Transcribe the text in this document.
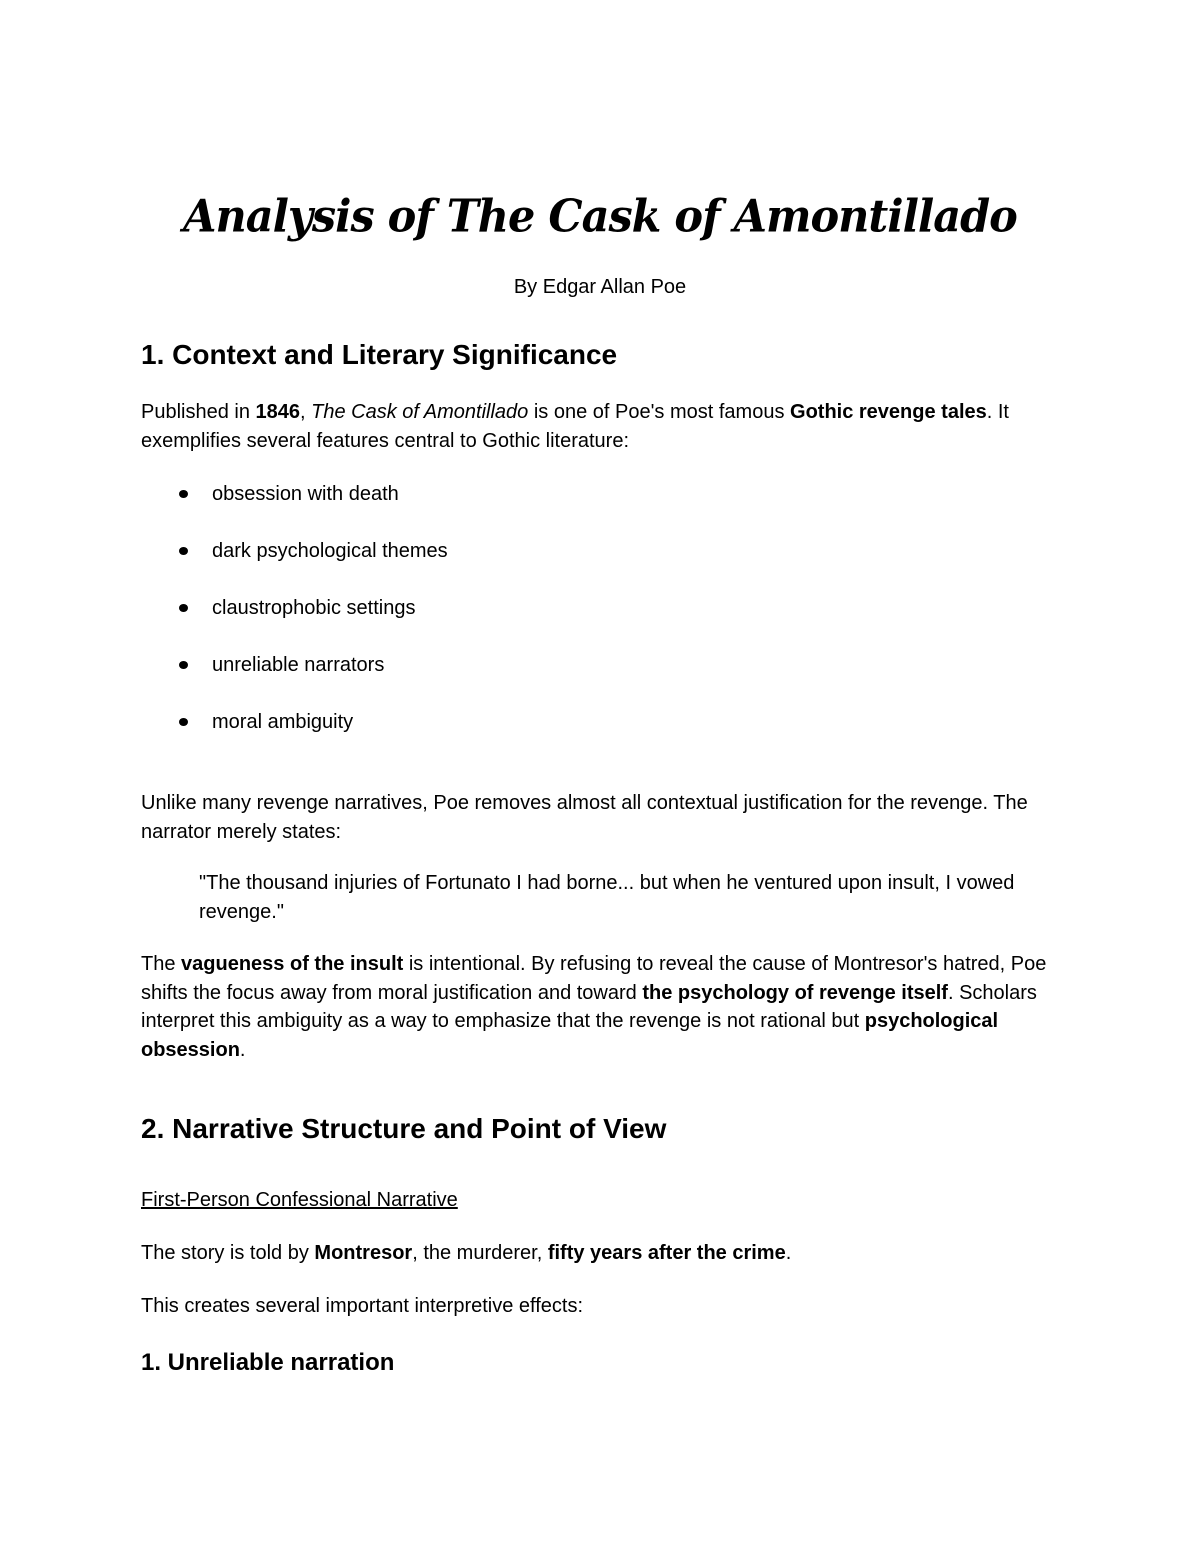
Analysis of The Cask of Amontillado

By Edgar Allan Poe

1. Context and Literary Significance

Published in 1846, The Cask of Amontillado is one of Poe's most famous Gothic revenge tales. It exemplifies several features central to Gothic literature:

obsession with death
dark psychological themes
claustrophobic settings
unreliable narrators
moral ambiguity

Unlike many revenge narratives, Poe removes almost all contextual justification for the revenge. The narrator merely states:

"The thousand injuries of Fortunato I had borne... but when he ventured upon insult, I vowed revenge."

The vagueness of the insult is intentional. By refusing to reveal the cause of Montresor's hatred, Poe shifts the focus away from moral justification and toward the psychology of revenge itself. Scholars interpret this ambiguity as a way to emphasize that the revenge is not rational but psychological obsession.

2. Narrative Structure and Point of View

First-Person Confessional Narrative

The story is told by Montresor, the murderer, fifty years after the crime.

This creates several important interpretive effects:

1. Unreliable narration
